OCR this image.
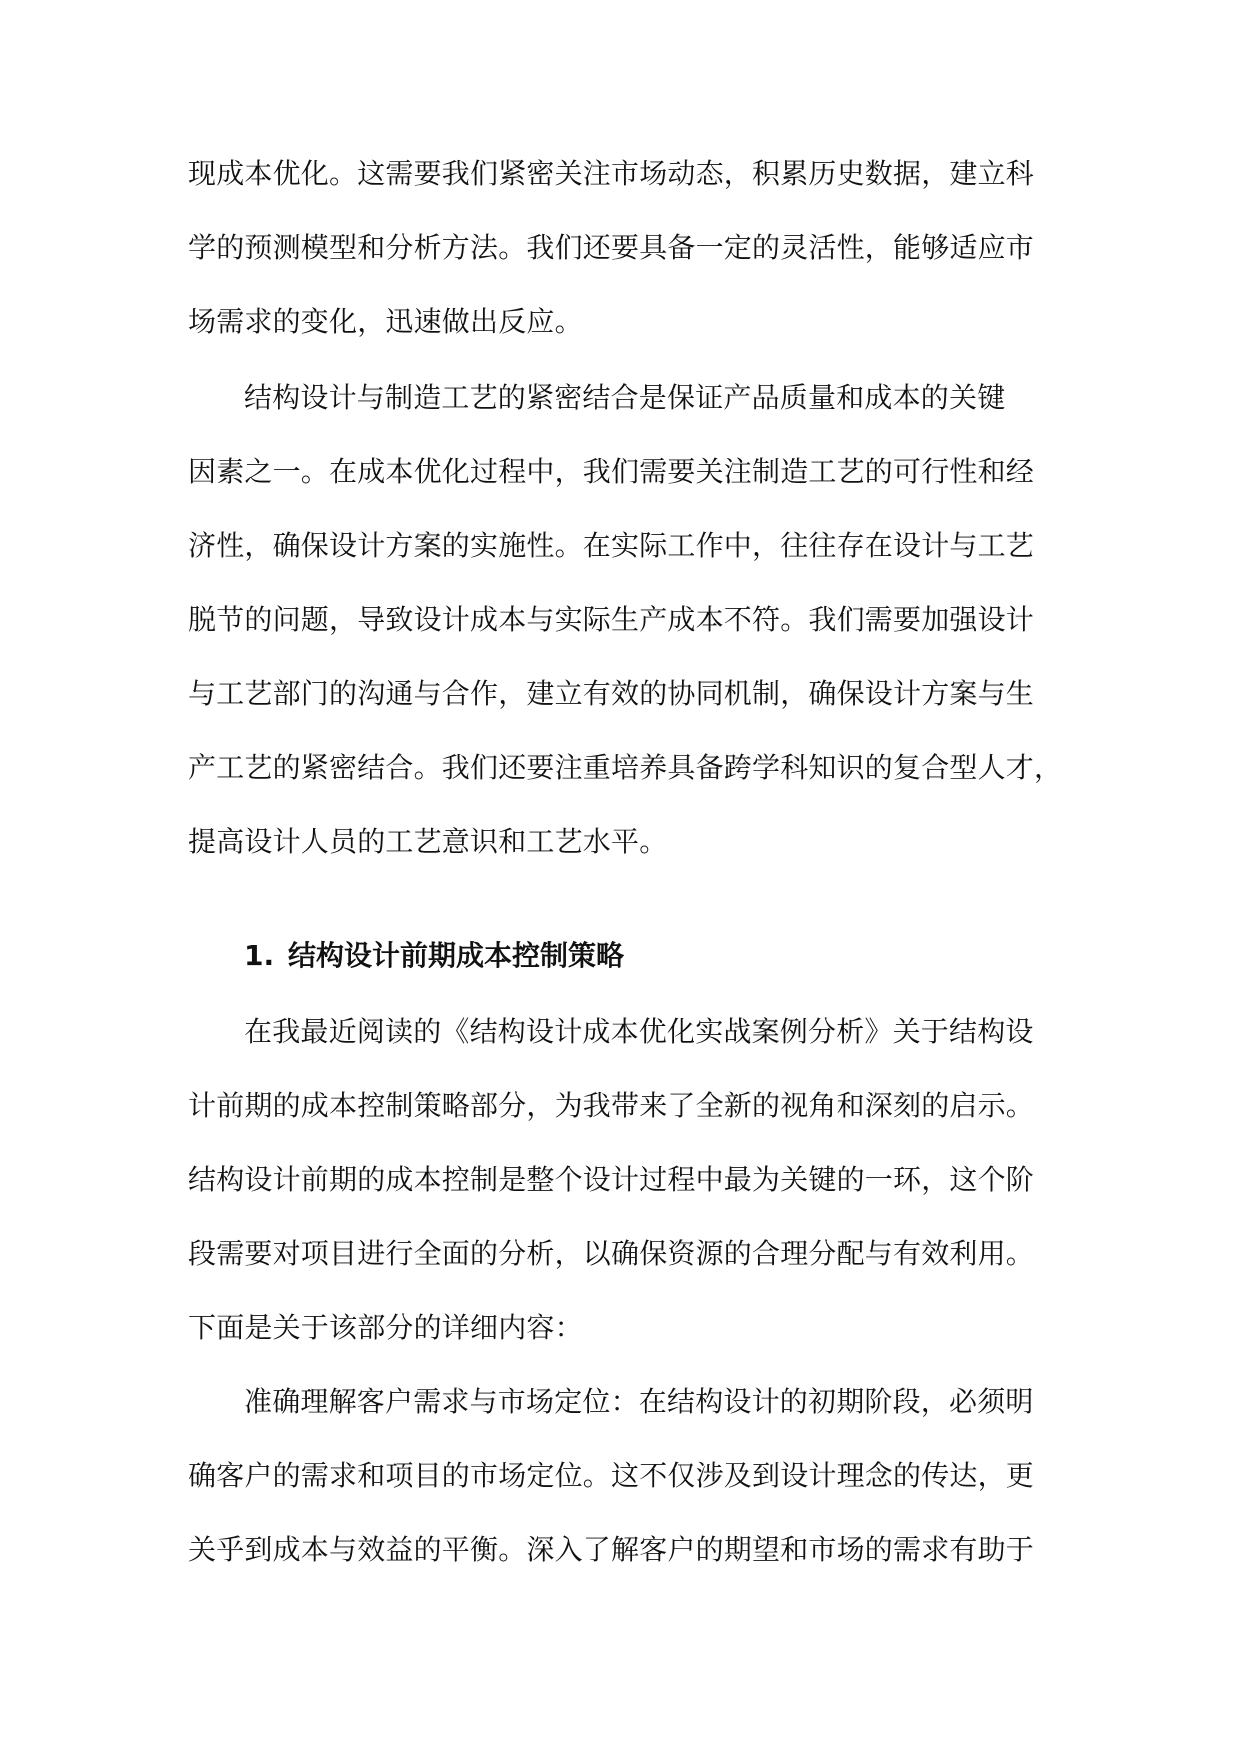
现成本优化。这需要我们紧密关注市场动态，积累历史数据，建立科

学的预测模型和分析方法。我们还要具备一定的灵活性，能够适应市

场需求的变化，迅速做出反应。

结构设计与制造工艺的紧密结合是保证产品质量和成本的关键

因素之一。在成本优化过程中，我们需要关注制造工艺的可行性和经

济性，确保设计方案的实施性。在实际工作中，往往存在设计与工艺

脱节的问题，导致设计成本与实际生产成本不符。我们需要加强设计

与工艺部门的沟通与合作，建立有效的协同机制，确保设计方案与生

产工艺的紧密结合。我们还要注重培养具备跨学科知识的复合型人才，

提高设计人员的工艺意识和工艺水平。

1. 结构设计前期成本控制策略

在我最近阅读的《结构设计成本优化实战案例分析》关于结构设

计前期的成本控制策略部分，为我带来了全新的视角和深刻的启示。

结构设计前期的成本控制是整个设计过程中最为关键的一环，这个阶

段需要对项目进行全面的分析，以确保资源的合理分配与有效利用。

下面是关于该部分的详细内容：

准确理解客户需求与市场定位：在结构设计的初期阶段，必须明

确客户的需求和项目的市场定位。这不仅涉及到设计理念的传达，更

关乎到成本与效益的平衡。深入了解客户的期望和市场的需求有助于
